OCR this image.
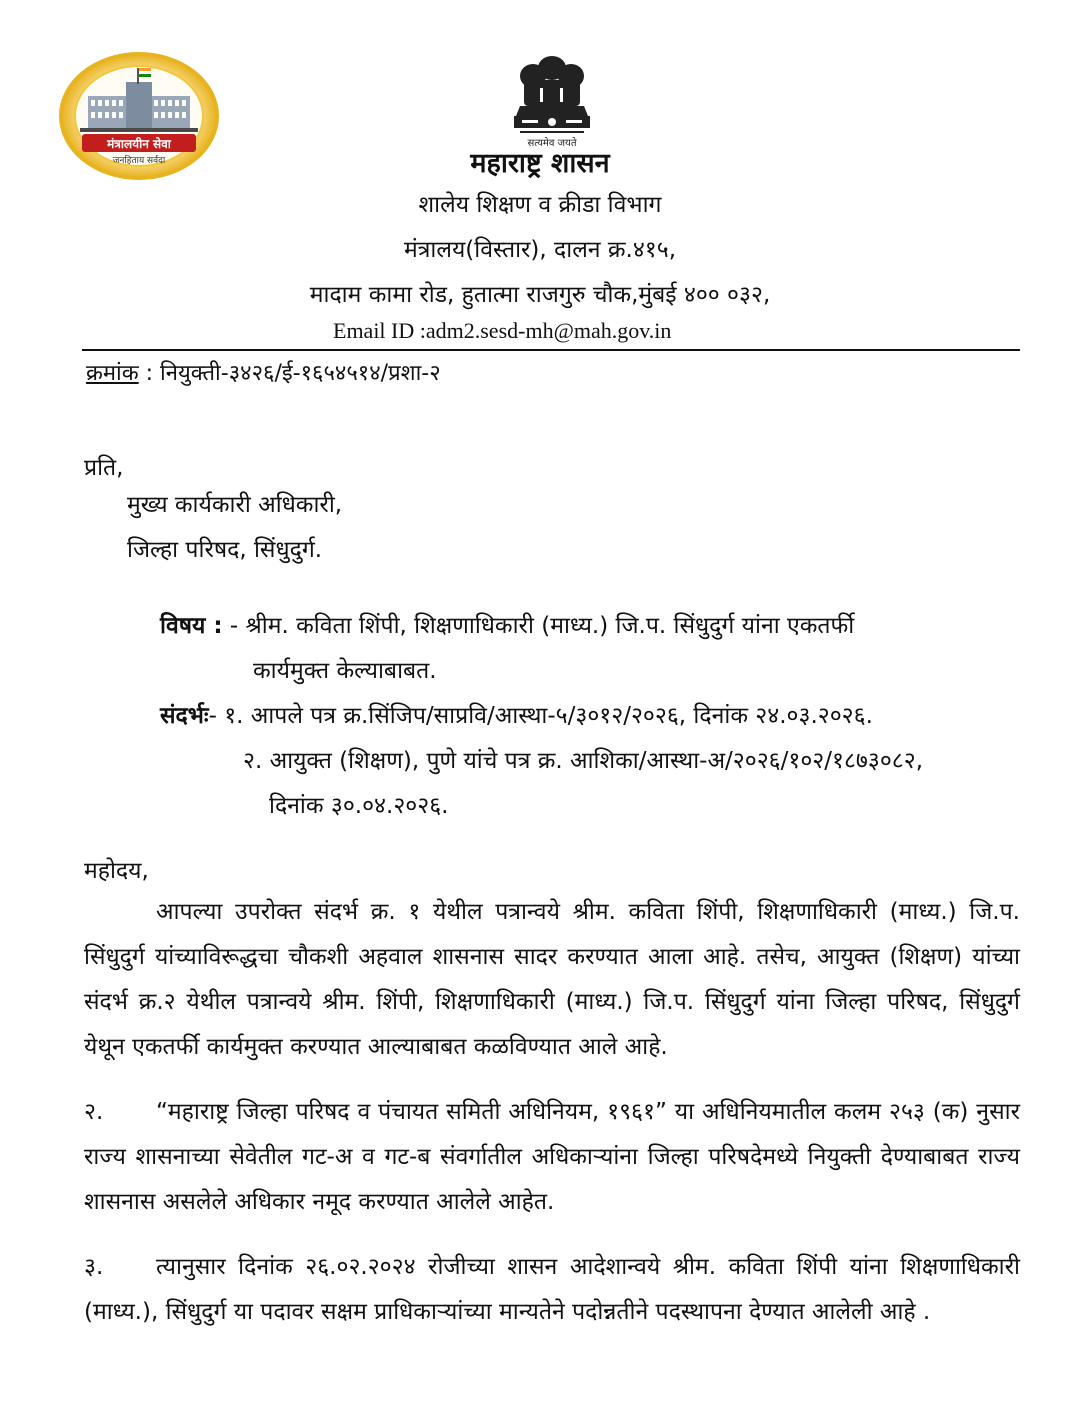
मंत्रालयीन सेवा
जनहिताय सर्वदा
सत्यमेव जयते
महाराष्ट्र शासन
शालेय शिक्षण व क्रीडा विभाग
मंत्रालय(विस्तार), दालन क्र.४१५,
मादाम कामा रोड, हुतात्मा राजगुरु चौक,मुंबई ४०० ०३२,
Email ID :adm2.sesd-mh@mah.gov.in
क्रमांक : नियुक्ती-३४२६/ई-१६५४५१४/प्रशा-२
प्रति,
मुख्य कार्यकारी अधिकारी,
जिल्हा परिषद, सिंधुदुर्ग.
विषय : - श्रीम. कविता शिंपी, शिक्षणाधिकारी (माध्य.) जि.प. सिंधुदुर्ग यांना एकतर्फी
कार्यमुक्त केल्याबाबत.
संदर्भः- १. आपले पत्र क्र.सिंजिप/साप्रवि/आस्था-५/३०१२/२०२६, दिनांक २४.०३.२०२६.
२. आयुक्त (शिक्षण), पुणे यांचे पत्र क्र. आशिका/आस्था-अ/२०२६/१०२/१८७३०८२,
दिनांक ३०.०४.२०२६.
महोदय,
आपल्या उपरोक्त संदर्भ क्र. १ येथील पत्रान्वये श्रीम. कविता शिंपी, शिक्षणाधिकारी (माध्य.) जि.प. सिंधुदुर्ग यांच्याविरूद्धचा चौकशी अहवाल शासनास सादर करण्यात आला आहे. तसेच, आयुक्त (शिक्षण) यांच्या संदर्भ क्र.२ येथील पत्रान्वये श्रीम. शिंपी, शिक्षणाधिकारी (माध्य.) जि.प. सिंधुदुर्ग यांना जिल्हा परिषद, सिंधुदुर्ग येथून एकतर्फी कार्यमुक्त करण्यात आल्याबाबत कळविण्यात आले आहे.
२. “महाराष्ट्र जिल्हा परिषद व पंचायत समिती अधिनियम, १९६१” या अधिनियमातील कलम २५३ (क) नुसार राज्य शासनाच्या सेवेतील गट-अ व गट-ब संवर्गातील अधिकाऱ्यांना जिल्हा परिषदेमध्ये नियुक्ती देण्याबाबत राज्य शासनास असलेले अधिकार नमूद करण्यात आलेले आहेत.
३. त्यानुसार दिनांक २६.०२.२०२४ रोजीच्या शासन आदेशान्वये श्रीम. कविता शिंपी यांना शिक्षणाधिकारी (माध्य.), सिंधुदुर्ग या पदावर सक्षम प्राधिकाऱ्यांच्या मान्यतेने पदोन्नतीने पदस्थापना देण्यात आलेली आहे .
